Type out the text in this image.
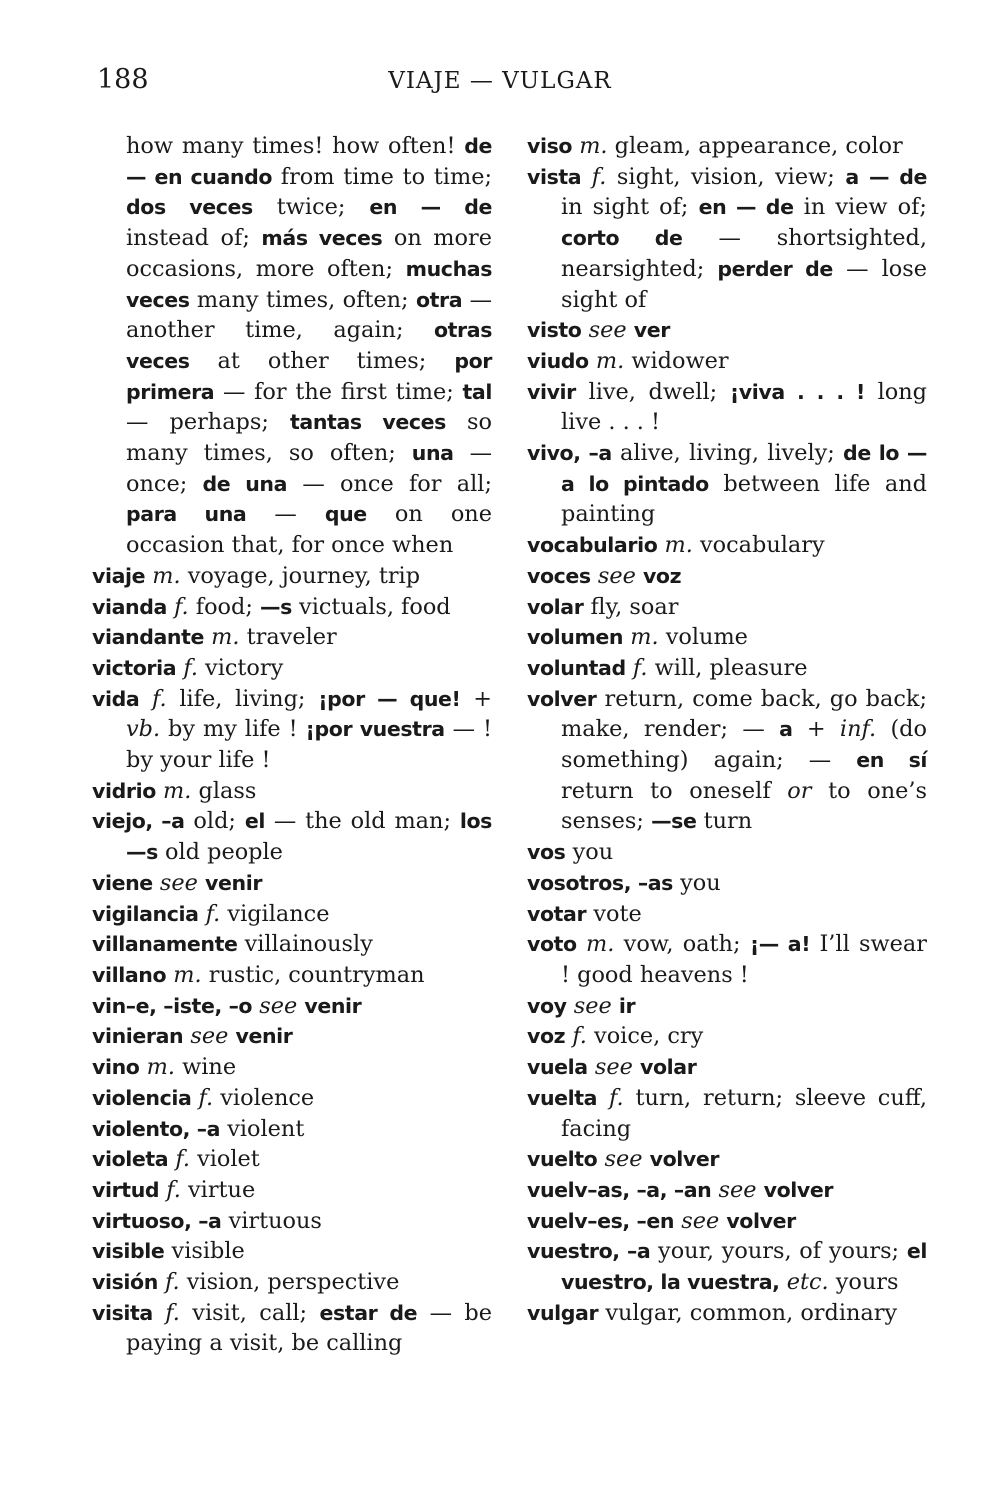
188	VIAJE — VULGAR
how many times! how often! de — en cuando from time to time; dos veces twice; en — de instead of; más veces on more occasions, more often; muchas veces many times, often; otra — another time, again; otras veces at other times; por primera — for the first time; tal — perhaps; tantas veces so many times, so often; una — once; de una — once for all; para una — que on one occasion that, for once when
viaje m. voyage, journey, trip
vianda f. food; —s victuals, food
viandante m. traveler
victoria f. victory
vida f. life, living; ¡por — que! + vb. by my life ! ¡por vuestra — ! by your life !
vidrio m. glass
viejo, –a old; el — the old man; los —s old people
viene see venir
vigilancia f. vigilance
villanamente villainously
villano m. rustic, countryman
vin–e, –iste, –o see venir
vinieran see venir
vino m. wine
violencia f. violence
violento, –a violent
violeta f. violet
virtud f. virtue
virtuoso, –a virtuous
visible visible
visión f. vision, perspective
visita f. visit, call; estar de — be paying a visit, be calling
viso m. gleam, appearance, color
vista f. sight, vision, view; a — de in sight of; en — de in view of; corto de — shortsighted, nearsighted; perder de — lose sight of
visto see ver
viudo m. widower
vivir live, dwell; ¡viva . . . ! long live . . . !
vivo, –a alive, living, lively; de lo — a lo pintado between life and painting
vocabulario m. vocabulary
voces see voz
volar fly, soar
volumen m. volume
voluntad f. will, pleasure
volver return, come back, go back; make, render; — a + inf. (do something) again; — en sí return to oneself or to one’s senses; —se turn
vos you
vosotros, –as you
votar vote
voto m. vow, oath; ¡— a! I’ll swear ! good heavens !
voy see ir
voz f. voice, cry
vuela see volar
vuelta f. turn, return; sleeve cuff, facing
vuelto see volver
vuelv–as, –a, –an see volver
vuelv–es, –en see volver
vuestro, –a your, yours, of yours; el vuestro, la vuestra, etc. yours
vulgar vulgar, common, ordinary
